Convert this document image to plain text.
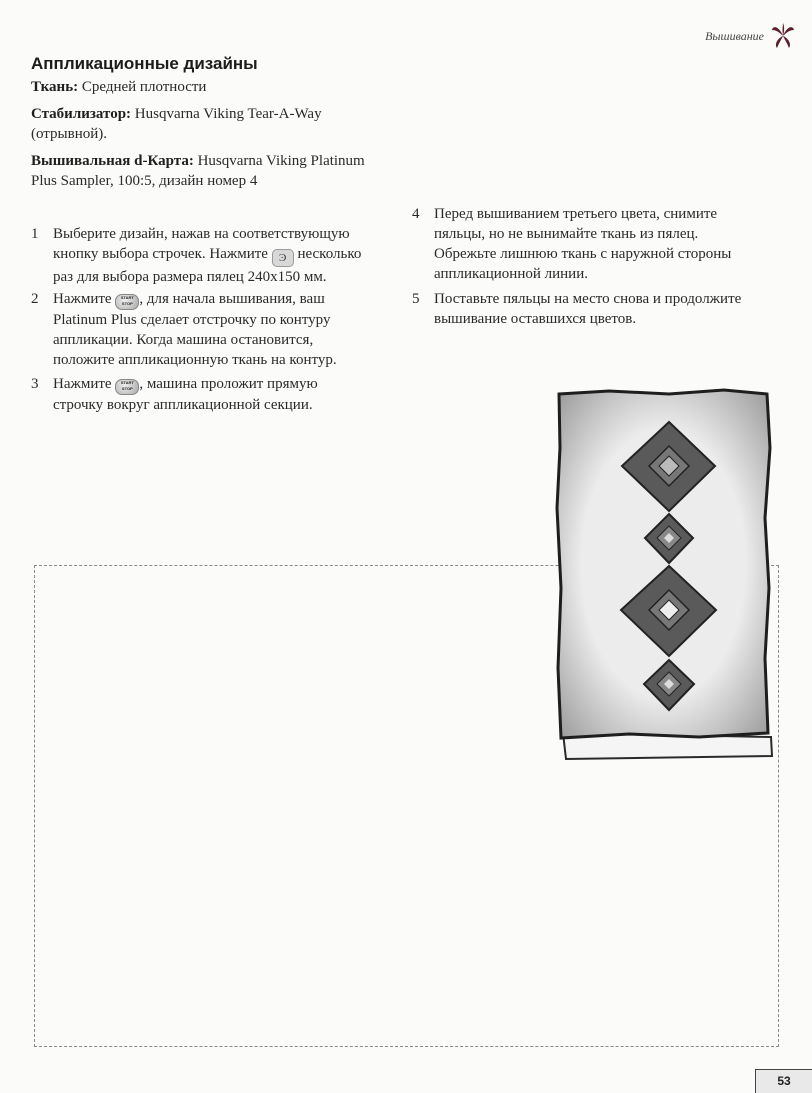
Вышивание
Аппликационные дизайны

Ткань: Средней плотности

Стабилизатор: Husqvarna Viking Tear-A-Way
(отрывной).

Вышивальная d-Карта: Husqvarna Viking Platinum
Plus Sampler, 100:5, дизайн номер 4

1 Выберите дизайн, нажав на соответствующую
кнопку выбора строчек. Нажмите Ͽ несколько
раз для выбора размера пялец 240x150 мм.
2 Нажмите START
STOP , для начала вышивания, ваш
Platinum Plus сделает отстрочку по контуру
аппликации. Когда машина остановится,
положите аппликационную ткань на контур.
3 Нажмите START
STOP , машина проложит прямую
строчку вокруг аппликационной секции.
4 Перед вышиванием третьего цвета, снимите
пяльцы, но не вынимайте ткань из пялец.
Обрежьте лишнюю ткань с наружной стороны
аппликационной линии.
5 Поставьте пяльцы на место снова и продолжите
вышивание оставшихся цветов.
53
